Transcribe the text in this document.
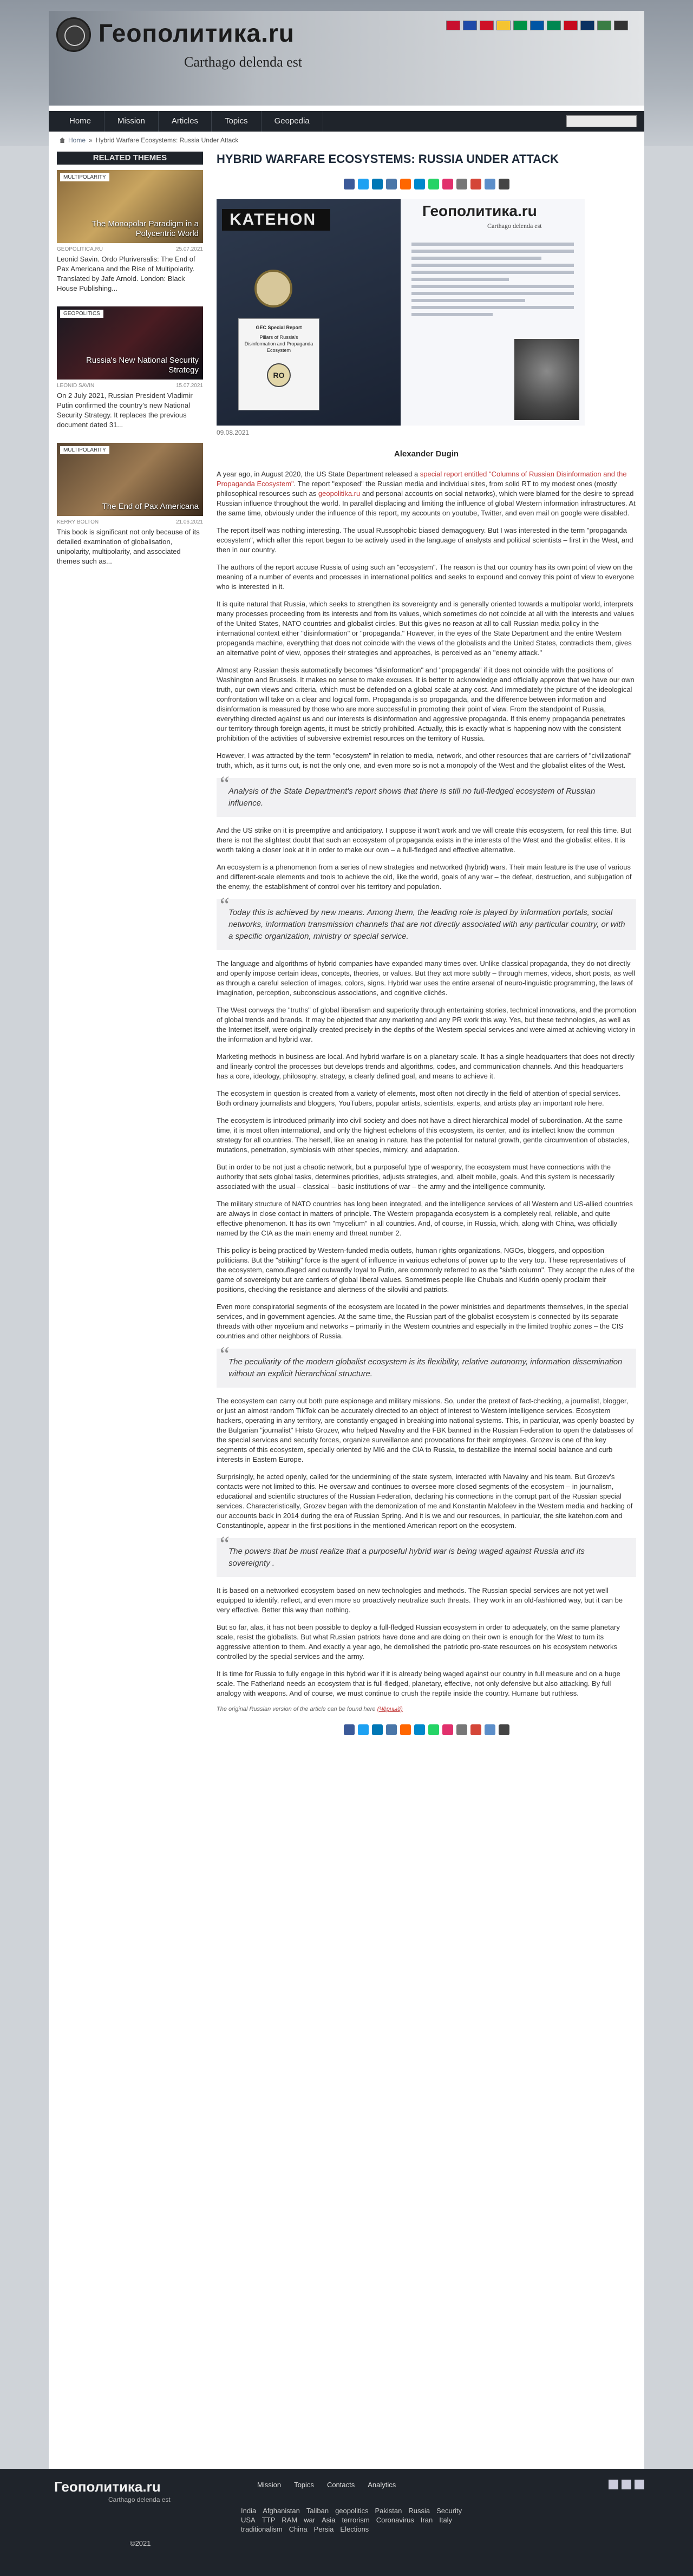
Геополитика.ru
Carthago delenda est
Home	Mission	Articles	Topics	Geopedia
Home » Hybrid Warfare Ecosystems: Russia Under Attack
RELATED THEMES
MULTIPOLARITY
The Monopolar Paradigm in a Polycentric World
GEOPOLITICA.RU	25.07.2021
Leonid Savin. Ordo Pluriversalis: The End of Pax Americana and the Rise of Multipolarity. Translated by Jafe Arnold. London: Black House Publishing...
GEOPOLITICS
Russia's New National Security Strategy
LEONID SAVIN	15.07.2021
On 2 July 2021, Russian President Vladimir Putin confirmed the country's new National Security Strategy. It replaces the previous document dated 31...
MULTIPOLARITY
The End of Pax Americana
KERRY BOLTON	21.06.2021
This book is significant not only because of its detailed examination of globalisation, unipolarity, multipolarity, and associated themes such as...
HYBRID WARFARE ECOSYSTEMS: RUSSIA UNDER ATTACK
KATEHON
GEC Special Report
Pillars of Russia's Disinformation and Propaganda Ecosystem
RO
Геополитика.ru
Carthago delenda est
09.08.2021
Alexander Dugin

A year ago, in August 2020, the US State Department released a special report entitled "Columns of Russian Disinformation and the Propaganda Ecosystem". The report "exposed" the Russian media and individual sites, from solid RT to my modest ones (mostly philosophical resources such as geopolitika.ru and personal accounts on social networks), which were blamed for the desire to spread Russian influence throughout the world. In parallel displacing and limiting the influence of global Western information infrastructures. At the same time, obviously under the influence of this report, my accounts on youtube, Twitter, and even mail on google were disabled.

The report itself was nothing interesting. The usual Russophobic biased demagoguery. But I was interested in the term "propaganda ecosystem", which after this report began to be actively used in the language of analysts and political scientists – first in the West, and then in our country.

The authors of the report accuse Russia of using such an "ecosystem". The reason is that our country has its own point of view on the meaning of a number of events and processes in international politics and seeks to expound and convey this point of view to everyone who is interested in it.

It is quite natural that Russia, which seeks to strengthen its sovereignty and is generally oriented towards a multipolar world, interprets many processes proceeding from its interests and from its values, which sometimes do not coincide at all with the interests and values of the United States, NATO countries and globalist circles. But this gives no reason at all to call Russian media policy in the international context either "disinformation" or "propaganda." However, in the eyes of the State Department and the entire Western propaganda machine, everything that does not coincide with the views of the globalists and the United States, contradicts them, gives an alternative point of view, opposes their strategies and approaches, is perceived as an "enemy attack."

Almost any Russian thesis automatically becomes "disinformation" and "propaganda" if it does not coincide with the positions of Washington and Brussels. It makes no sense to make excuses. It is better to acknowledge and officially approve that we have our own truth, our own views and criteria, which must be defended on a global scale at any cost. And immediately the picture of the ideological confrontation will take on a clear and logical form. Propaganda is so propaganda, and the difference between information and disinformation is measured by those who are more successful in promoting their point of view. From the standpoint of Russia, everything directed against us and our interests is disinformation and aggressive propaganda. If this enemy propaganda penetrates our territory through foreign agents, it must be strictly prohibited. Actually, this is exactly what is happening now with the consistent prohibition of the activities of subversive extremist resources on the territory of Russia.

However, I was attracted by the term "ecosystem" in relation to media, network, and other resources that are carriers of "civilizational" truth, which, as it turns out, is not the only one, and even more so is not a monopoly of the West and the globalist elites of the West.

“
Analysis of the State Department's report shows that there is still no full-fledged ecosystem of Russian influence.

And the US strike on it is preemptive and anticipatory. I suppose it won't work and we will create this ecosystem, for real this time. But there is not the slightest doubt that such an ecosystem of propaganda exists in the interests of the West and the globalist elites. It is worth taking a closer look at it in order to make our own – a full-fledged and effective alternative.

An ecosystem is a phenomenon from a series of new strategies and networked (hybrid) wars. Their main feature is the use of various and different-scale elements and tools to achieve the old, like the world, goals of any war – the defeat, destruction, and subjugation of the enemy, the establishment of control over his territory and population.

“
Today this is achieved by new means. Among them, the leading role is played by information portals, social networks, information transmission channels that are not directly associated with any particular country, or with a specific organization, ministry or special service.

The language and algorithms of hybrid companies have expanded many times over. Unlike classical propaganda, they do not directly and openly impose certain ideas, concepts, theories, or values. But they act more subtly – through memes, videos, short posts, as well as through a careful selection of images, colors, signs. Hybrid war uses the entire arsenal of neuro-linguistic programming, the laws of imagination, perception, subconscious associations, and cognitive clichés.

The West conveys the "truths" of global liberalism and superiority through entertaining stories, technical innovations, and the promotion of global trends and brands. It may be objected that any marketing and any PR work this way. Yes, but these technologies, as well as the Internet itself, were originally created precisely in the depths of the Western special services and were aimed at achieving victory in the information and hybrid war.

Marketing methods in business are local. And hybrid warfare is on a planetary scale. It has a single headquarters that does not directly and linearly control the processes but develops trends and algorithms, codes, and communication channels. And this headquarters has a core, ideology, philosophy, strategy, a clearly defined goal, and means to achieve it.

The ecosystem in question is created from a variety of elements, most often not directly in the field of attention of special services. Both ordinary journalists and bloggers, YouTubers, popular artists, scientists, experts, and artists play an important role here.

The ecosystem is introduced primarily into civil society and does not have a direct hierarchical model of subordination. At the same time, it is most often international, and only the highest echelons of this ecosystem, its center, and its intellect know the common strategy for all countries. The herself, like an analog in nature, has the potential for natural growth, gentle circumvention of obstacles, mutations, penetration, symbiosis with other species, mimicry, and adaptation.

But in order to be not just a chaotic network, but a purposeful type of weaponry, the ecosystem must have connections with the authority that sets global tasks, determines priorities, adjusts strategies, and, albeit mobile, goals. And this system is necessarily associated with the usual – classical – basic institutions of war – the army and the intelligence community.

The military structure of NATO countries has long been integrated, and the intelligence services of all Western and US-allied countries are always in close contact in matters of principle. The Western propaganda ecosystem is a completely real, reliable, and quite effective phenomenon. It has its own "mycelium" in all countries. And, of course, in Russia, which, along with China, was officially named by the CIA as the main enemy and threat number 2.

This policy is being practiced by Western-funded media outlets, human rights organizations, NGOs, bloggers, and opposition politicians. But the "striking" force is the agent of influence in various echelons of power up to the very top. These representatives of the ecosystem, camouflaged and outwardly loyal to Putin, are commonly referred to as the "sixth column". They accept the rules of the game of sovereignty but are carriers of global liberal values. Sometimes people like Chubais and Kudrin openly proclaim their positions, checking the resistance and alertness of the siloviki and patriots.

Even more conspiratorial segments of the ecosystem are located in the power ministries and departments themselves, in the special services, and in government agencies. At the same time, the Russian part of the globalist ecosystem is connected by its separate threads with other mycelium and networks – primarily in the Western countries and especially in the limited trophic zones – the CIS countries and other neighbors of Russia.

“
The peculiarity of the modern globalist ecosystem is its flexibility, relative autonomy, information dissemination without an explicit hierarchical structure.

The ecosystem can carry out both pure espionage and military missions. So, under the pretext of fact-checking, a journalist, blogger, or just an almost random TikTok can be accurately directed to an object of interest to Western intelligence services. Ecosystem hackers, operating in any territory, are constantly engaged in breaking into national systems. This, in particular, was openly boasted by the Bulgarian "journalist" Hristo Grozev, who helped Navalny and the FBK banned in the Russian Federation to open the databases of the special services and security forces, organize surveillance and provocations for their employees. Grozev is one of the key segments of this ecosystem, specially oriented by MI6 and the CIA to Russia, to destabilize the internal social balance and curb interests in Eastern Europe.

Surprisingly, he acted openly, called for the undermining of the state system, interacted with Navalny and his team. But Grozev's contacts were not limited to this. He oversaw and continues to oversee more closed segments of the ecosystem – in journalism, educational and scientific structures of the Russian Federation, declaring his connections in the corrupt part of the Russian special services. Characteristically, Grozev began with the demonization of me and Konstantin Malofeev in the Western media and hacking of our accounts back in 2014 during the era of Russian Spring. And it is we and our resources, in particular, the site katehon.com and Constantinople, appear in the first positions in the mentioned American report on the ecosystem.

“
The powers that be must realize that a purposeful hybrid war is being waged against Russia and its sovereignty .

It is based on a networked ecosystem based on new technologies and methods. The Russian special services are not yet well equipped to identify, reflect, and even more so proactively neutralize such threats. They work in an old-fashioned way, but it can be very effective. Better this way than nothing.

But so far, alas, it has not been possible to deploy a full-fledged Russian ecosystem in order to adequately, on the same planetary scale, resist the globalists. But what Russian patriots have done and are doing on their own is enough for the West to turn its aggressive attention to them. And exactly a year ago, he demolished the patriotic pro-state resources on his ecosystem networks controlled by the special services and the army.

It is time for Russia to fully engage in this hybrid war if it is already being waged against our country in full measure and on a huge scale. The Fatherland needs an ecosystem that is full-fledged, planetary, effective, not only defensive but also attacking. By full analogy with weapons. And of course, we must continue to crush the reptile inside the country. Humane but ruthless.

The original Russian version of the article can be found here (Чёрный)
Геополитика.ru
Carthago delenda est
©2021
Mission Topics Contacts Analytics
India Afghanistan Taliban geopolitics Pakistan Russia Security
USA TTP RAM war Asia terrorism Coronavirus Iran Italy
traditionalism China Persia Elections
